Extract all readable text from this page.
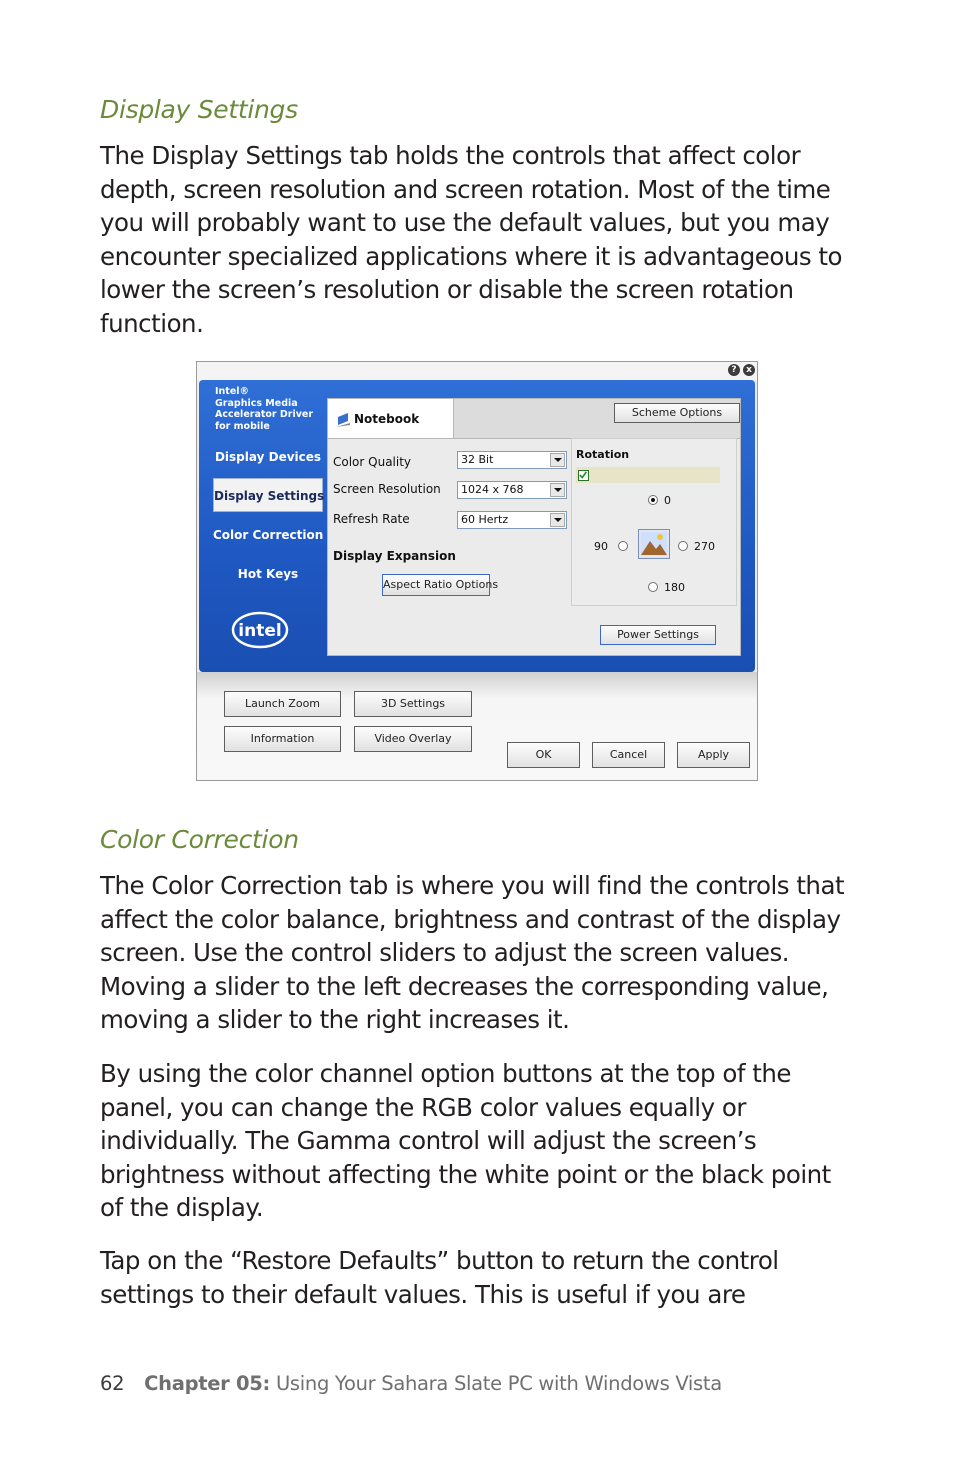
Display Settings

The Display Settings tab holds the controls that affect color
depth, screen resolution and screen rotation. Most of the time
you will probably want to use the default values, but you may
encounter specialized applications where it is advantageous to
lower the screen’s resolution or disable the screen rotation
function.

?	x
Intel®
Graphics Media
Accelerator Driver
for mobile
Display Devices
Display Settings
Color Correction
Hot Keys
intel
Notebook	Scheme Options
Color Quality	32 Bit
Screen Resolution	1024 x 768
Refresh Rate	60 Hertz
Display Expansion
Aspect Ratio Options
Rotation
0
90	270
180
Power Settings
Launch Zoom	3D Settings
Information	Video Overlay
OK	Cancel	Apply
Color Correction

The Color Correction tab is where you will find the controls that
affect the color balance, brightness and contrast of the display
screen. Use the control sliders to adjust the screen values.
Moving a slider to the left decreases the corresponding value,
moving a slider to the right increases it.

By using the color channel option buttons at the top of the
panel, you can change the RGB color values equally or
individually. The Gamma control will adjust the screen’s
brightness without affecting the white point or the black point
of the display.

Tap on the “Restore Defaults” button to return the control
settings to their default values. This is useful if you are

62 Chapter 05: Using Your Sahara Slate PC with Windows Vista
